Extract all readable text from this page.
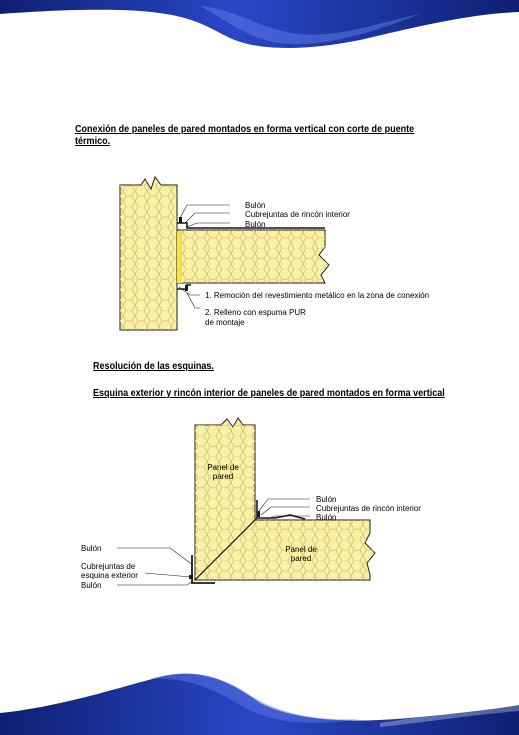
Conexión de paneles de pared montados en forma vertical con corte de puente térmico.
Resolución de las esquinas.
Esquina exterior y rincón interior de paneles de pared montados en forma vertical
Bulón
Cubrejuntas de rincón interior
Bulón
1. Remoción del revestimiento metálico en la zona de conexión
2. Relleno con espuma PUR
de montaje
Panel de
pared
Panel de
pared
Bulón
Cubrejuntas de rincón interior
Bulón
Bulón
Cubrejuntas de
esquina exterior
Bulón
